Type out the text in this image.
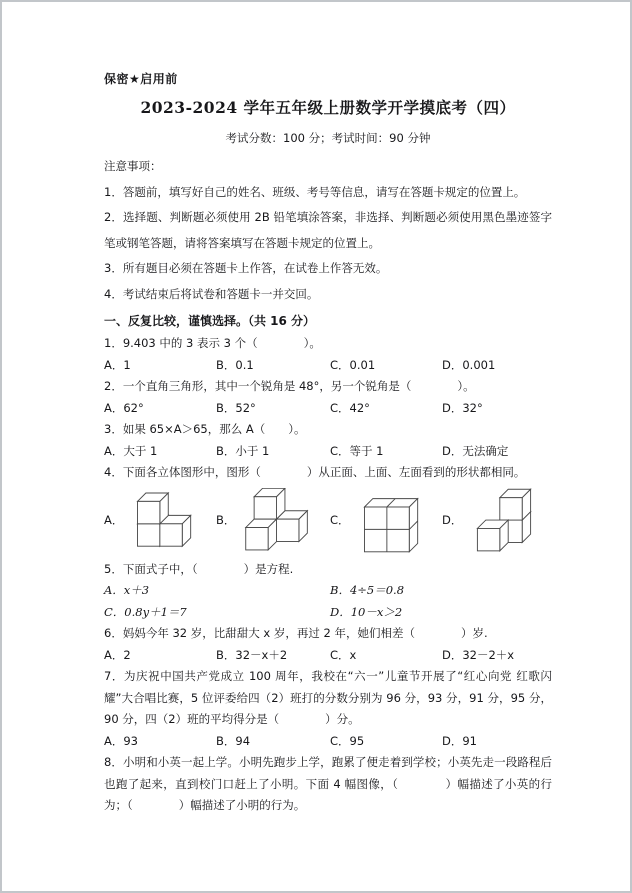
保密★启用前
2023-2024 学年五年级上册数学开学摸底考（四）
考试分数：100 分；考试时间：90 分钟
注意事项：
1．答题前，填写好自己的姓名、班级、考号等信息，请写在答题卡规定的位置上。
2．选择题、判断题必须使用 2B 铅笔填涂答案，非选择、判断题必须使用黑色墨迹签字笔或钢笔答题，请将答案填写在答题卡规定的位置上。
3．所有题目必须在答题卡上作答，在试卷上作答无效。
4．考试结束后将试卷和答题卡一并交回。
一、反复比较，谨慎选择。（共 16 分）
1．9.403 中的 3 表示 3 个（　　　　）。
A．1	B．0.1	C．0.01	D．0.001
2．一个直角三角形，其中一个锐角是 48°，另一个锐角是（　　　　）。
A．62°	B．52°	C．42°	D．32°
3．如果 65×A＞65，那么 A（　　）。
A．大于 1	B．小于 1	C．等于 1	D．无法确定
4．下面各立体图形中，图形（　　　　）从正面、上面、左面看到的形状都相同。
A．	B．	C．	D．
5．下面式子中，（　　　　）是方程.
A．x＋3	B．4÷5＝0.8
C．0.8y＋1＝7	D．10－x＞2
6．妈妈今年 32 岁，比甜甜大 x 岁，再过 2 年，她们相差（　　　　）岁.
A．2	B．32－x＋2	C．x	D．32－2＋x
7．为庆祝中国共产党成立 100 周年，我校在“六一”儿童节开展了“红心向党 红歌闪耀”大合唱比赛，5 位评委给四（2）班打的分数分别为 96 分，93 分，91 分，95 分，90 分，四（2）班的平均得分是（　　　　）分。
A．93	B．94	C．95	D．91
8．小明和小英一起上学。小明先跑步上学，跑累了便走着到学校；小英先走一段路程后也跑了起来，直到校门口赶上了小明。下面 4 幅图像，（　　　　）幅描述了小英的行为；（　　　　）幅描述了小明的行为。
